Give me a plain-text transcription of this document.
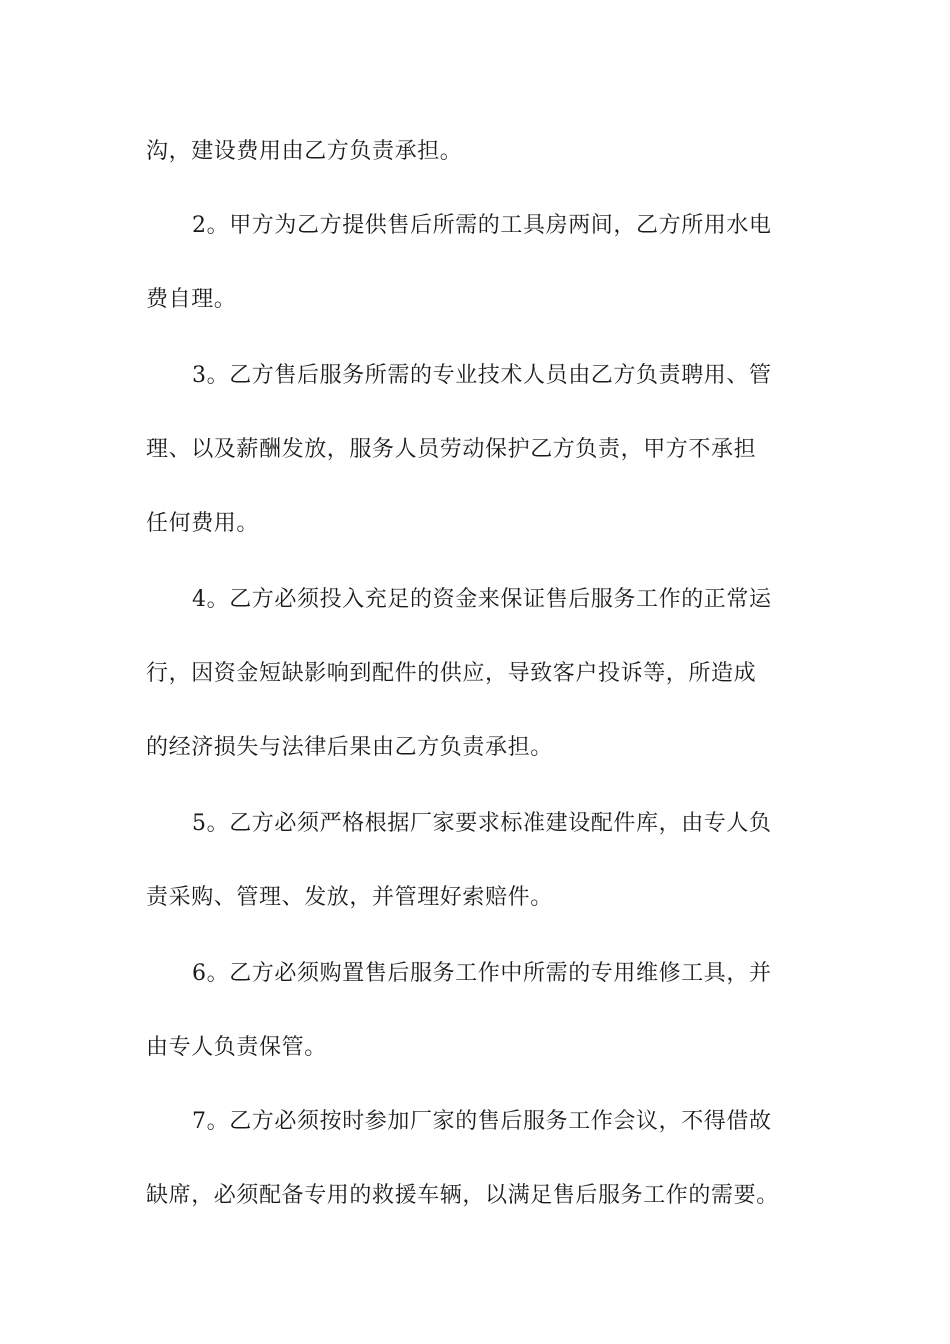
沟，建设费用由乙方负责承担。
2。甲方为乙方提供售后所需的工具房两间，乙方所用水电
费自理。
3。乙方售后服务所需的专业技术人员由乙方负责聘用、管
理、以及薪酬发放，服务人员劳动保护乙方负责，甲方不承担
任何费用。
4。乙方必须投入充足的资金来保证售后服务工作的正常运
行，因资金短缺影响到配件的供应，导致客户投诉等，所造成
的经济损失与法律后果由乙方负责承担。
5。乙方必须严格根据厂家要求标准建设配件库，由专人负
责采购、管理、发放，并管理好索赔件。
6。乙方必须购置售后服务工作中所需的专用维修工具，并
由专人负责保管。
7。乙方必须按时参加厂家的售后服务工作会议，不得借故
缺席，必须配备专用的救援车辆，以满足售后服务工作的需要。
